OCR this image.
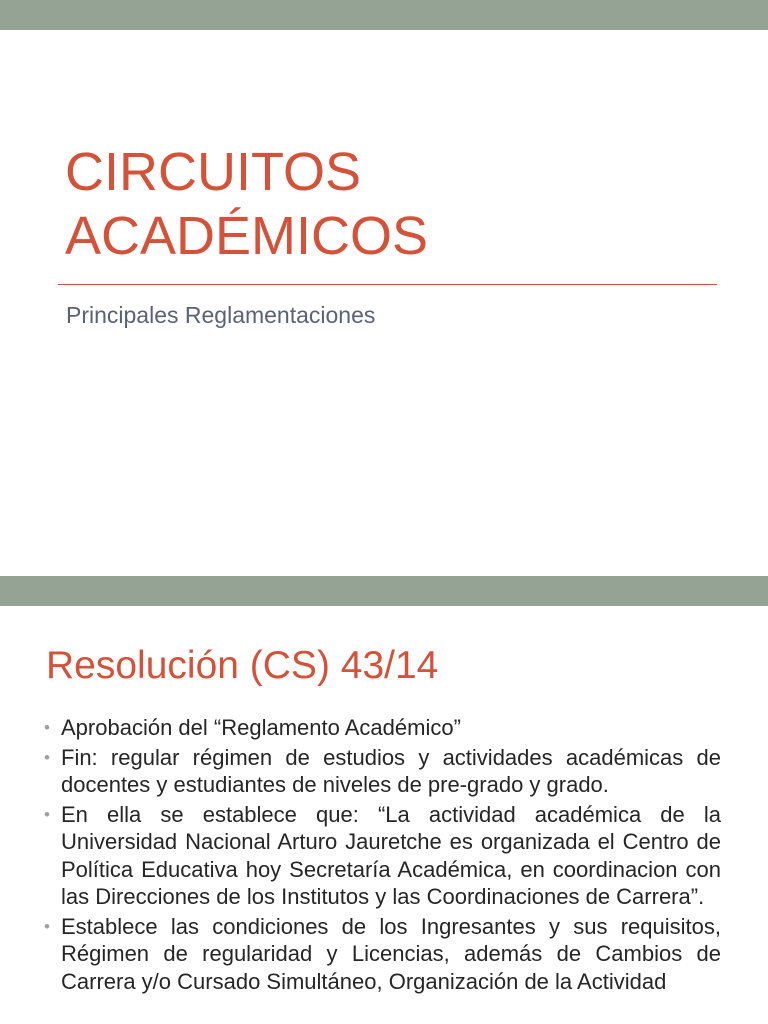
CIRCUITOS
ACADÉMICOS

Principales Reglamentaciones

Resolución (CS) 43/14
• Aprobación del “Reglamento Académico”
• Fin: regular régimen de estudios y actividades académicas de docentes y estudiantes de niveles de pre-grado y grado.
• En ella se establece que: “La actividad académica de la Universidad Nacional Arturo Jauretche es organizada el Centro de Política Educativa hoy Secretaría Académica, en coordinacion con las Direcciones de los Institutos y las Coordinaciones de Carrera”.
• Establece las condiciones de los Ingresantes y sus requisitos, Régimen de regularidad y Licencias, además de Cambios de Carrera y/o Cursado Simultáneo, Organización de la Actividad
